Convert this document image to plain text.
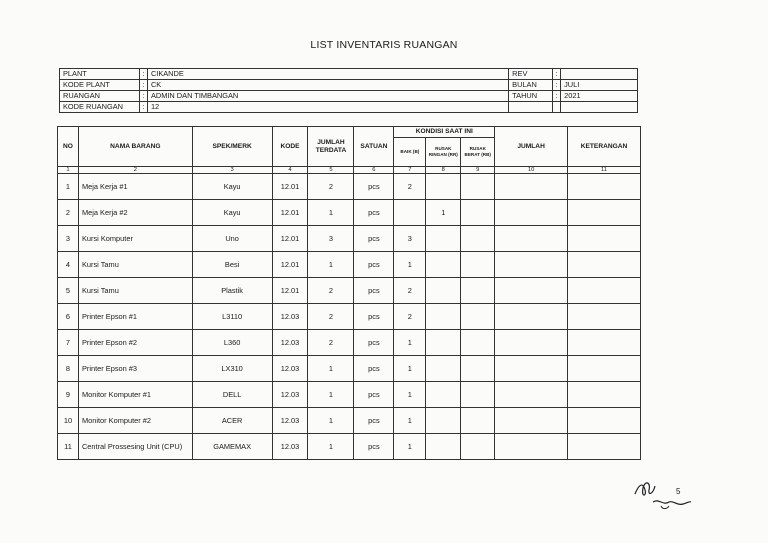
LIST INVENTARIS RUANGAN
PLANT	:	CIKANDE	REV	:	
KODE PLANT	:	CK	BULAN	:	JULI
RUANGAN	:	ADMIN DAN TIMBANGAN	TAHUN	:	2021
KODE RUANGAN	:	12			
NO	NAMA BARANG	SPEK/MERK	KODE	JUMLAH TERDATA	SATUAN	KONDISI SAAT INI			JUMLAH	KETERANGAN
						BAIK (B)	RUSAK RINGAN (RR)	RUSAK BERAT (RB)		
1	2	3	4	5	6	7	8	9	10	11
1	Meja Kerja #1	Kayu	12.01	2	pcs	2				
2	Meja Kerja #2	Kayu	12.01	1	pcs		1			
3	Kursi Komputer	Uno	12.01	3	pcs	3				
4	Kursi Tamu	Besi	12.01	1	pcs	1				
5	Kursi Tamu	Plastik	12.01	2	pcs	2				
6	Printer Epson #1	L3110	12.03	2	pcs	2				
7	Printer Epson #2	L360	12.03	2	pcs	1				
8	Printer Epson #3	LX310	12.03	1	pcs	1				
9	Monitor Komputer #1	DELL	12.03	1	pcs	1				
10	Monitor Komputer #2	ACER	12.03	1	pcs	1				
11	Central Prossesing Unit (CPU)	GAMEMAX	12.03	1	pcs	1				
5
